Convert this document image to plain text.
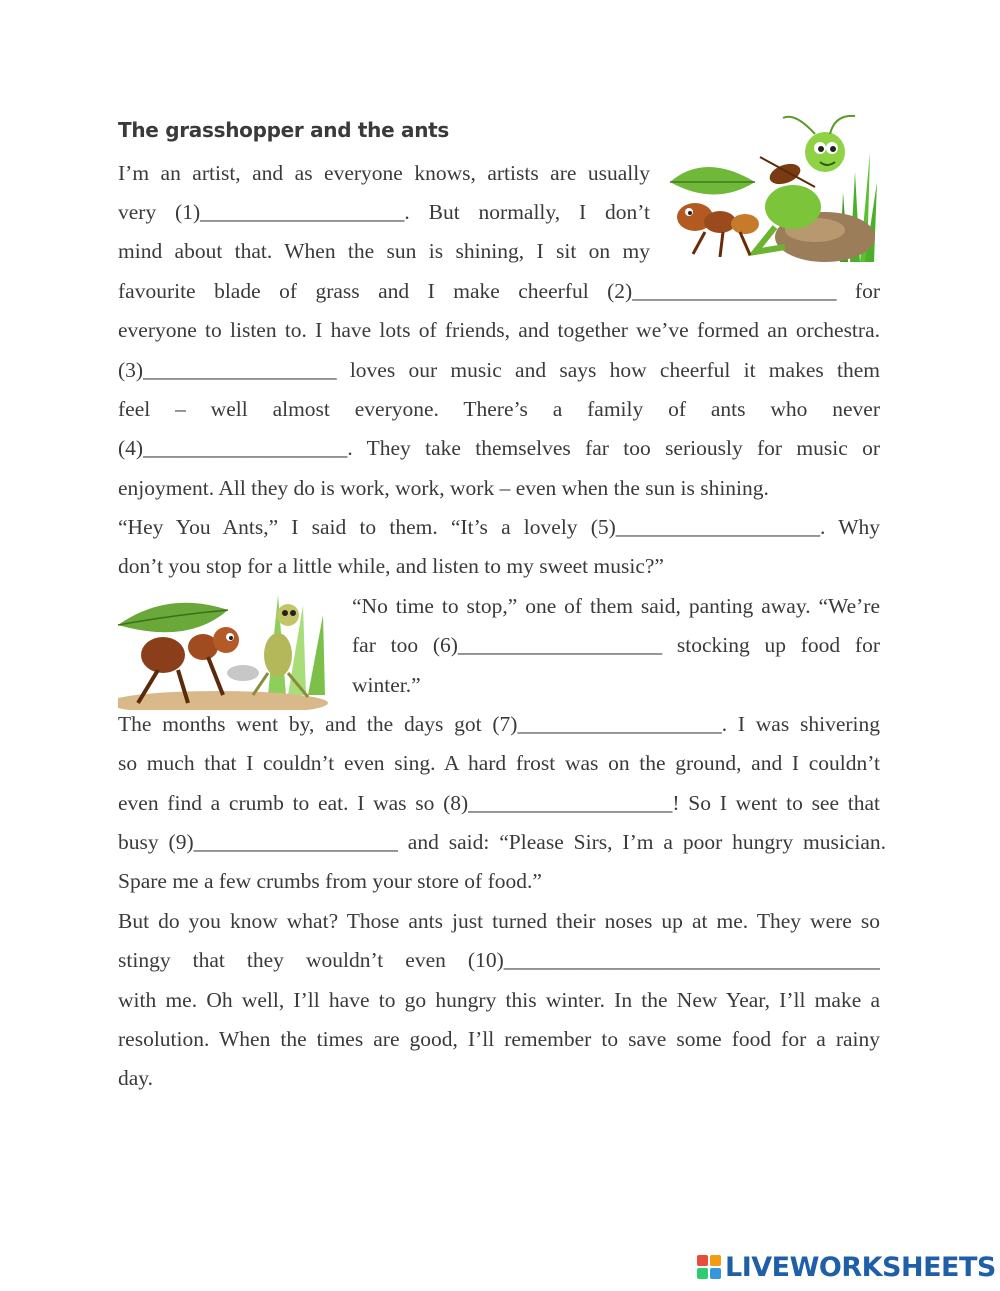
The grasshopper and the ants
I’m an artist, and as everyone knows, artists are usually
very (1)___________________. But normally, I don’t
mind about that. When the sun is shining, I sit on my
favourite blade of grass and I make cheerful (2)___________________ for
everyone to listen to. I have lots of friends, and together we’ve formed an orchestra.
(3)__________________ loves our music and says how cheerful it makes them
feel – well almost everyone. There’s a family of ants who never
(4)___________________. They take themselves far too seriously for music or
enjoyment. All they do is work, work, work – even when the sun is shining.
“Hey You Ants,” I said to them. “It’s a lovely (5)___________________. Why
don’t you stop for a little while, and listen to my sweet music?”
“No time to stop,” one of them said, panting away. “We’re
far too (6)___________________ stocking up food for
winter.”
The months went by, and the days got (7)___________________. I was shivering
so much that I couldn’t even sing. A hard frost was on the ground, and I couldn’t
even find a crumb to eat. I was so (8)___________________! So I went to see that
busy (9)___________________ and said: “Please Sirs, I’m a poor hungry musician.
Spare me a few crumbs from your store of food.”
But do you know what? Those ants just turned their noses up at me. They were so
stingy that they wouldn’t even (10)___________________________________
with me. Oh well, I’ll have to go hungry this winter. In the New Year, I’ll make a
resolution. When the times are good, I’ll remember to save some food for a rainy
day.
LIVEWORKSHEETS
